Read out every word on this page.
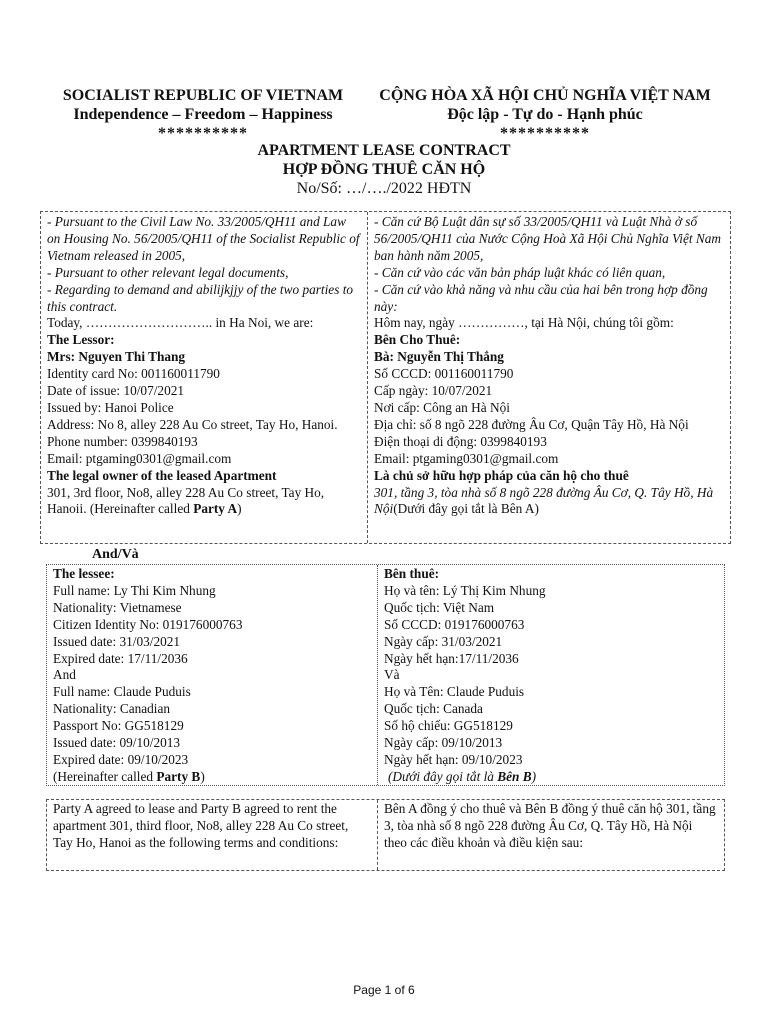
SOCIALIST REPUBLIC OF VIETNAM
Independence – Freedom – Happiness
**********
CỘNG HÒA XÃ HỘI CHỦ NGHĨA VIỆT NAM
Độc lập - Tự do - Hạnh phúc
**********
APARTMENT LEASE CONTRACT
HỢP ĐỒNG THUÊ CĂN HỘ
No/Số: …/…./2022 HĐTN
- Pursuant to the Civil Law No. 33/2005/QH11 and Law on Housing No. 56/2005/QH11 of the Socialist Republic of Vietnam released in 2005,
- Pursuant to other relevant legal documents,
- Regarding to demand and abilijkjjy of the two parties to this contract.
Today, ……………………….. in Ha Noi, we are:
The Lessor:
Mrs: Nguyen Thi Thang
Identity card No: 001160011790
Date of issue: 10/07/2021
Issued by: Hanoi Police
Address: No 8, alley 228 Au Co street, Tay Ho, Hanoi.
Phone number: 0399840193
Email: ptgaming0301@gmail.com
The legal owner of the leased Apartment
301, 3rd floor, No8, alley 228 Au Co street, Tay Ho, Hanoii. (Hereinafter called Party A)
- Căn cứ Bộ Luật dân sự số 33/2005/QH11 và Luật Nhà ở số 56/2005/QH11 của Nước Cộng Hoà Xã Hội Chủ Nghĩa Việt Nam ban hành năm 2005,
- Căn cứ vào các văn bản pháp luật khác có liên quan,
- Căn cứ vào khả năng và nhu cầu của hai bên trong hợp đồng này:
Hôm nay, ngày ……………, tại Hà Nội, chúng tôi gồm:
Bên Cho Thuê:
Bà: Nguyễn Thị Thắng
Số CCCD: 001160011790
Cấp ngày: 10/07/2021
Nơi cấp: Công an Hà Nội
Địa chỉ: số 8 ngõ 228 đường Âu Cơ, Quận Tây Hồ, Hà Nội
Điện thoại di động: 0399840193
Email: ptgaming0301@gmail.com
Là chủ sở hữu hợp pháp của căn hộ cho thuê
301, tầng 3, tòa nhà số 8 ngõ 228 đường Âu Cơ, Q. Tây Hồ, Hà Nội(Dưới đây gọi tắt là Bên A)
And/Và
The lessee:
Full name: Ly Thi Kim Nhung
Nationality: Vietnamese
Citizen Identity No: 019176000763
Issued date: 31/03/2021
Expired date: 17/11/2036
And
Full name: Claude Puduis
Nationality: Canadian
Passport No: GG518129
Issued date: 09/10/2013
Expired date: 09/10/2023
(Hereinafter called Party B)
Bên thuê:
Họ và tên: Lý Thị Kim Nhung
Quốc tịch: Việt Nam
Số CCCD: 019176000763
Ngày cấp: 31/03/2021
Ngày hết hạn:17/11/2036
Và
Họ và Tên: Claude Puduis
Quốc tịch: Canada
Số hộ chiếu: GG518129
Ngày cấp: 09/10/2013
Ngày hết hạn: 09/10/2023
(Dưới đây gọi tắt là Bên B)
Party A agreed to lease and Party B agreed to rent the apartment 301, third floor, No8, alley 228 Au Co street, Tay Ho, Hanoi as the following terms and conditions:
Bên A đồng ý cho thuê và Bên B đồng ý thuê căn hộ 301, tầng 3, tòa nhà số 8 ngõ 228 đường Âu Cơ, Q. Tây Hồ, Hà Nội theo các điều khoản và điều kiện sau:
Page 1 of 6
